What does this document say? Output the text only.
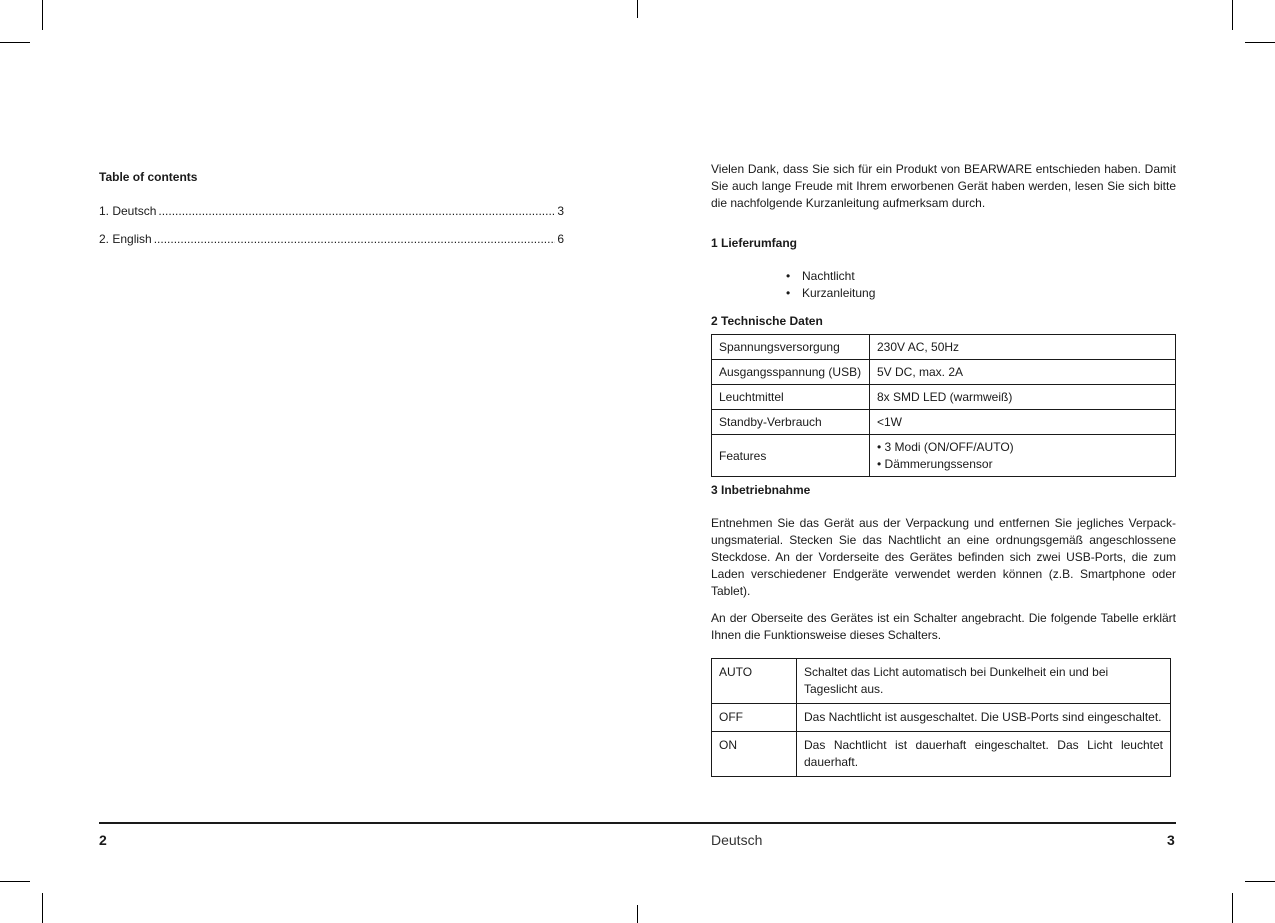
Table of contents
1. Deutsch .....	3
2. English .....	6

Vielen Dank, dass Sie sich für ein Produkt von BEARWARE entschieden haben. Damit Sie auch lange Freude mit Ihrem erworbenen Gerät haben werden, lesen Sie sich bitte die nachfolgende Kurzanleitung aufmerksam durch.

1 Lieferumfang
• Nachtlicht
• Kurzanleitung
2 Technische Daten
Spannungsversorgung	230V AC, 50Hz
Ausgangsspannung (USB)	5V DC, max. 2A
Leuchtmittel	8x SMD LED (warmweiß)
Standby-Verbrauch	<1W
Features	• 3 Modi (ON/OFF/AUTO)
• Dämmerungssensor
3 Inbetriebnahme

Entnehmen Sie das Gerät aus der Verpackung und entfernen Sie jegliches Verpack-ungsmaterial. Stecken Sie das Nachtlicht an eine ordnungsgemäß angeschlossene Steckdose. An der Vorderseite des Gerätes befinden sich zwei USB-Ports, die zum Laden verschiedener Endgeräte verwendet werden können (z.B. Smartphone oder Tablet).

An der Oberseite des Gerätes ist ein Schalter angebracht. Die folgende Tabelle erklärt Ihnen die Funktionsweise dieses Schalters.

AUTO	Schaltet das Licht automatisch bei Dunkelheit ein und bei Tageslicht aus.
OFF	Das Nachtlicht ist ausgeschaltet. Die USB-Ports sind eingeschaltet.
ON	Das Nachtlicht ist dauerhaft eingeschaltet. Das Licht leuchtet dauerhaft.
2	Deutsch	3
